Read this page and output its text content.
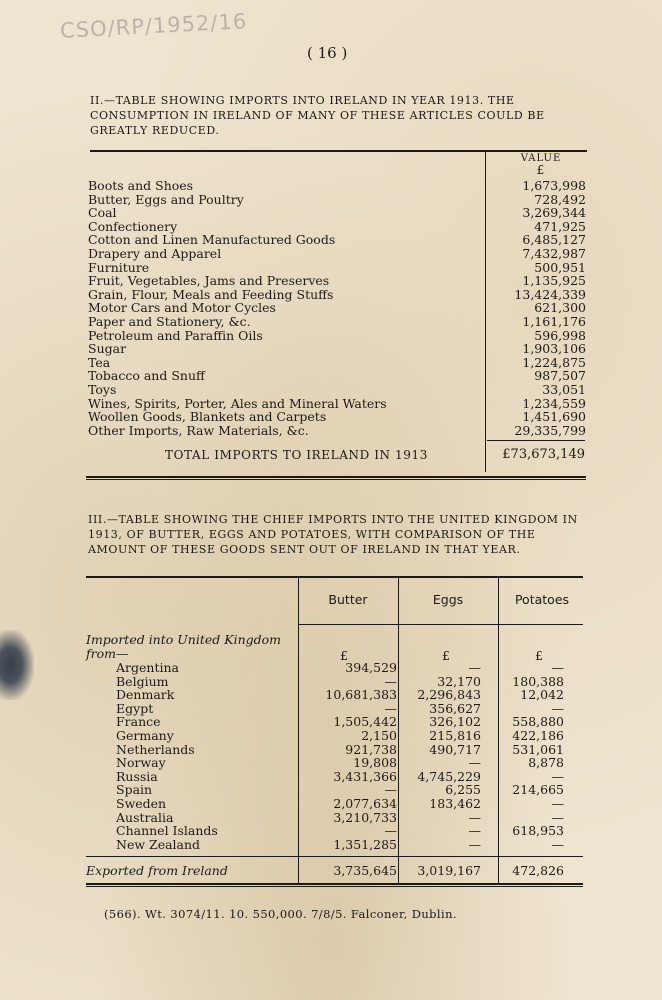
CSO/RP/1952/16
( 16 )
II.—TABLE SHOWING IMPORTS INTO IRELAND IN YEAR 1913. THE CONSUMPTION IN IRELAND OF MANY OF THESE ARTICLES COULD BE GREATLY REDUCED.
VALUE
£
Boots and Shoes	1,673,998
Butter, Eggs and Poultry	728,492
Coal	3,269,344
Confectionery	471,925
Cotton and Linen Manufactured Goods	6,485,127
Drapery and Apparel	7,432,987
Furniture	500,951
Fruit, Vegetables, Jams and Preserves	1,135,925
Grain, Flour, Meals and Feeding Stuffs	13,424,339
Motor Cars and Motor Cycles	621,300
Paper and Stationery, &c.	1,161,176
Petroleum and Paraffin Oils	596,998
Sugar	1,903,106
Tea	1,224,875
Tobacco and Snuff	987,507
Toys	33,051
Wines, Spirits, Porter, Ales and Mineral Waters	1,234,559
Woollen Goods, Blankets and Carpets	1,451,690
Other Imports, Raw Materials, &c.	29,335,799
TOTAL IMPORTS TO IRELAND IN 1913	£73,673,149
III.—TABLE SHOWING THE CHIEF IMPORTS INTO THE UNITED KINGDOM IN 1913, OF BUTTER, EGGS AND POTATOES, WITH COMPARISON OF THE AMOUNT OF THESE GOODS SENT OUT OF IRELAND IN THAT YEAR.
Butter	Eggs	Potatoes
Imported into United Kingdom from—	£	£	£
Argentina	394,529	—	—
Belgium	—	32,170	180,388
Denmark	10,681,383	2,296,843	12,042
Egypt	—	356,627	—
France	1,505,442	326,102	558,880
Germany	2,150	215,816	422,186
Netherlands	921,738	490,717	531,061
Norway	19,808	—	8,878
Russia	3,431,366	4,745,229	—
Spain	—	6,255	214,665
Sweden	2,077,634	183,462	—
Australia	3,210,733	—	—
Channel Islands	—	—	618,953
New Zealand	1,351,285	—	—
Exported from Ireland	3,735,645	3,019,167	472,826
(566). Wt. 3074/11. 10. 550,000. 7/8/5. Falconer, Dublin.
